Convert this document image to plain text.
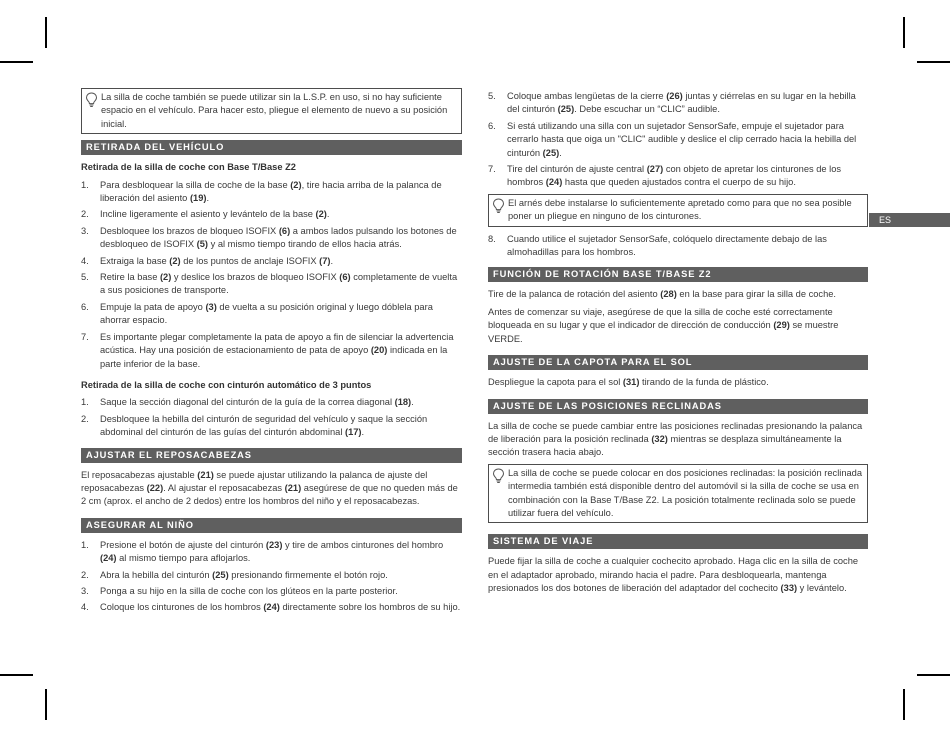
ES

La silla de coche también se puede utilizar sin la L.S.P. en uso, si no hay suficiente espacio en el vehículo. Para hacer esto, pliegue el elemento de nuevo a su posición inicial.

RETIRADA DEL VEHÍCULO
Retirada de la silla de coche con Base T/Base Z2
1. Para desbloquear la silla de coche de la base (2), tire hacia arriba de la palanca de liberación del asiento (19).
2. Incline ligeramente el asiento y levántelo de la base (2).
3. Desbloquee los brazos de bloqueo ISOFIX (6) a ambos lados pulsando los botones de desbloqueo de ISOFIX (5) y al mismo tiempo tirando de ellos hacia atrás.
4. Extraiga la base (2) de los puntos de anclaje ISOFIX (7).
5. Retire la base (2) y deslice los brazos de bloqueo ISOFIX (6) completamente de vuelta a sus posiciones de transporte.
6. Empuje la pata de apoyo (3) de vuelta a su posición original y luego dóblela para ahorrar espacio.
7. Es importante plegar completamente la pata de apoyo a fin de silenciar la advertencia acústica. Hay una posición de estacionamiento de pata de apoyo (20) indicada en la parte inferior de la base.
Retirada de la silla de coche con cinturón automático de 3 puntos
1. Saque la sección diagonal del cinturón de la guía de la correa diagonal (18).
2. Desbloquee la hebilla del cinturón de seguridad del vehículo y saque la sección abdominal del cinturón de las guías del cinturón abdominal (17).
AJUSTAR EL REPOSACABEZAS

El reposacabezas ajustable (21) se puede ajustar utilizando la palanca de ajuste del reposacabezas (22). Al ajustar el reposacabezas (21) asegúrese de que no queden más de 2 cm (aprox. el ancho de 2 dedos) entre los hombros del niño y el reposacabezas.

ASEGURAR AL NIÑO
1. Presione el botón de ajuste del cinturón (23) y tire de ambos cinturones del hombro (24) al mismo tiempo para aflojarlos.
2. Abra la hebilla del cinturón (25) presionando firmemente el botón rojo.
3. Ponga a su hijo en la silla de coche con los glúteos en la parte posterior.
4. Coloque los cinturones de los hombros (24) directamente sobre los hombros de su hijo.
5. Coloque ambas lengüetas de la cierre (26) juntas y ciérrelas en su lugar en la hebilla del cinturón (25). Debe escuchar un “CLIC” audible.
6. Si está utilizando una silla con un sujetador SensorSafe, empuje el sujetador para cerrarlo hasta que oiga un "CLIC" audible y deslice el clip cerrado hacia la hebilla del cinturón (25).
7. Tire del cinturón de ajuste central (27) con objeto de apretar los cinturones de los hombros (24) hasta que queden ajustados contra el cuerpo de su hijo.

El arnés debe instalarse lo suficientemente apretado como para que no sea posible poner un pliegue en ninguno de los cinturones.

8. Cuando utilice el sujetador SensorSafe, colóquelo directamente debajo de las almohadillas para los hombros.
FUNCIÓN DE ROTACIÓN BASE T/BASE Z2

Tire de la palanca de rotación del asiento (28) en la base para girar la silla de coche.

Antes de comenzar su viaje, asegúrese de que la silla de coche esté correctamente bloqueada en su lugar y que el indicador de dirección de conducción (29) se muestre VERDE.

AJUSTE DE LA CAPOTA PARA EL SOL

Despliegue la capota para el sol (31) tirando de la funda de plástico.

AJUSTE DE LAS POSICIONES RECLINADAS

La silla de coche se puede cambiar entre las posiciones reclinadas presionando la palanca de liberación para la posición reclinada (32) mientras se desplaza simultáneamente la sección trasera hacia abajo.

La silla de coche se puede colocar en dos posiciones reclinadas: la posición reclinada intermedia también está disponible dentro del automóvil si la silla de coche se usa en combinación con la Base T/Base Z2. La posición totalmente reclinada solo se puede utilizar fuera del vehículo.

SISTEMA DE VIAJE

Puede fijar la silla de coche a cualquier cochecito aprobado. Haga clic en la silla de coche en el adaptador aprobado, mirando hacia el padre. Para desbloquearla, mantenga presionados los dos botones de liberación del adaptador del cochecito (33) y levántelo.
